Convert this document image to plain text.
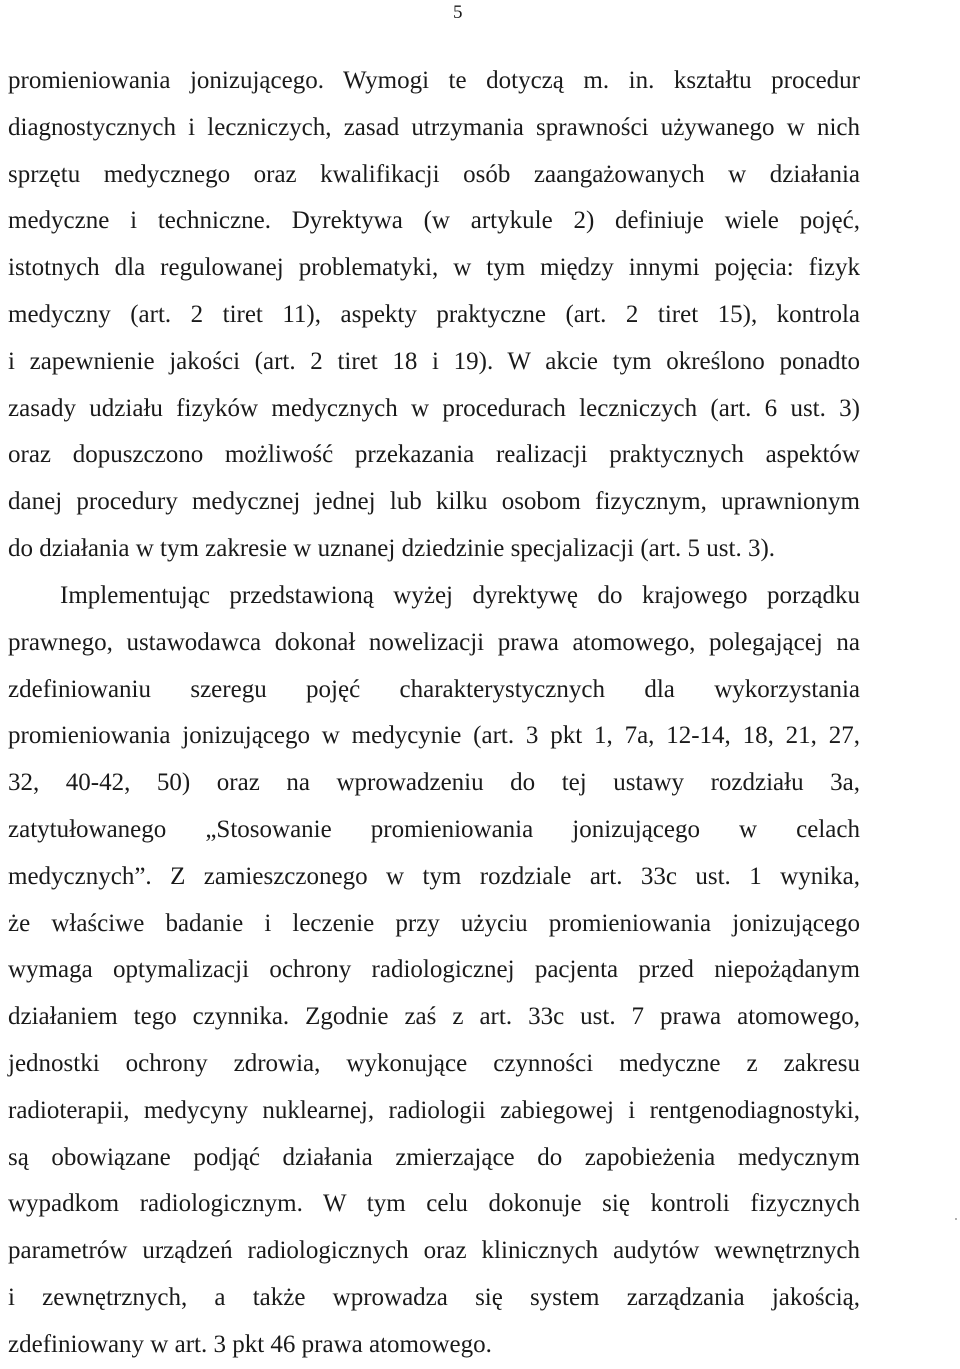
5
promieniowania jonizującego. Wymogi te dotyczą m. in. kształtu procedur
diagnostycznych i leczniczych, zasad utrzymania sprawności używanego w nich
sprzętu medycznego oraz kwalifikacji osób zaangażowanych w działania
medyczne i techniczne. Dyrektywa (w artykule 2) definiuje wiele pojęć,
istotnych dla regulowanej problematyki, w tym między innymi pojęcia: fizyk
medyczny (art. 2 tiret 11), aspekty praktyczne (art. 2 tiret 15), kontrola
i zapewnienie jakości (art. 2 tiret 18 i 19). W akcie tym określono ponadto
zasady udziału fizyków medycznych w procedurach leczniczych (art. 6 ust. 3)
oraz dopuszczono możliwość przekazania realizacji praktycznych aspektów
danej procedury medycznej jednej lub kilku osobom fizycznym, uprawnionym
do działania w tym zakresie w uznanej dziedzinie specjalizacji (art. 5 ust. 3).
Implementując przedstawioną wyżej dyrektywę do krajowego porządku
prawnego, ustawodawca dokonał nowelizacji prawa atomowego, polegającej na
zdefiniowaniu szeregu pojęć charakterystycznych dla wykorzystania
promieniowania jonizującego w medycynie (art. 3 pkt 1, 7a, 12-14, 18, 21, 27,
32, 40-42, 50) oraz na wprowadzeniu do tej ustawy rozdziału 3a,
zatytułowanego „Stosowanie promieniowania jonizującego w celach
medycznych”. Z zamieszczonego w tym rozdziale art. 33c ust. 1 wynika,
że właściwe badanie i leczenie przy użyciu promieniowania jonizującego
wymaga optymalizacji ochrony radiologicznej pacjenta przed niepożądanym
działaniem tego czynnika. Zgodnie zaś z art. 33c ust. 7 prawa atomowego,
jednostki ochrony zdrowia, wykonujące czynności medyczne z zakresu
radioterapii, medycyny nuklearnej, radiologii zabiegowej i rentgenodiagnostyki,
są obowiązane podjąć działania zmierzające do zapobieżenia medycznym
wypadkom radiologicznym. W tym celu dokonuje się kontroli fizycznych
parametrów urządzeń radiologicznych oraz klinicznych audytów wewnętrznych
i zewnętrznych, a także wprowadza się system zarządzania jakością,
zdefiniowany w art. 3 pkt 46 prawa atomowego.
